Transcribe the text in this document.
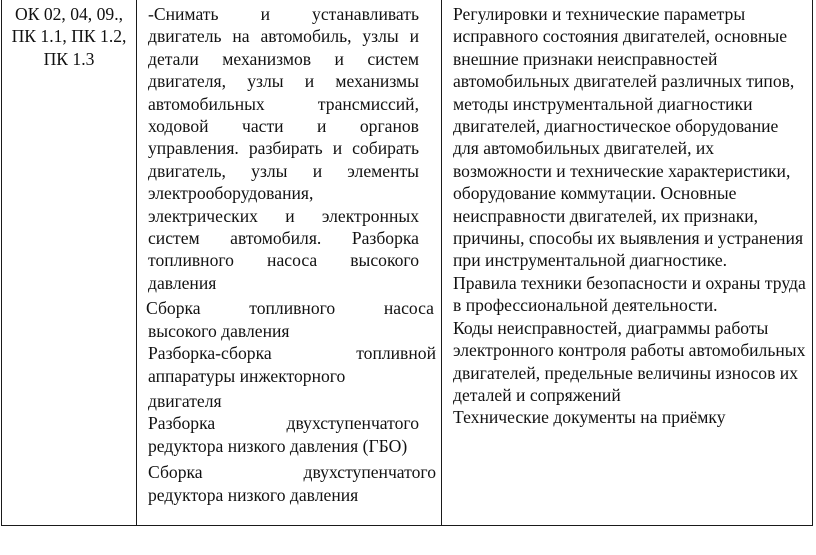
ОК 02, 04, 09., ПК 1.1, ПК 1.2, ПК 1.3

-Снимать и устанавливать двигатель на автомобиль, узлы и детали механизмов и систем двигателя, узлы и механизмы автомобильных трансмиссий, ходовой части и органов управления. разбирать и собирать двигатель, узлы и элементы электрооборудования, электрических и электронных систем автомобиля. Разборка топливного насоса высокого давления

Сборка топливного насоса

высокого давления

Разборка-сборка топливной

аппаратуры инжекторного

двигателя

Разборка двухступенчатого редуктора низкого давления (ГБО)

Сборка двухступенчатого

редуктора низкого давления

Регулировки и технические параметры исправного состояния двигателей, основные внешние признаки неисправностей автомобильных двигателей различных типов, методы инструментальной диагностики двигателей, диагностическое оборудование для автомобильных двигателей, их возможности и технические характеристики, оборудование коммутации. Основные неисправности двигателей, их признаки, причины, способы их выявления и устранения при инструментальной диагностике.

Правила техники безопасности и охраны труда в профессиональной деятельности.

Коды неисправностей, диаграммы работы электронного контроля работы автомобильных двигателей, предельные величины износов их деталей и сопряжений

Технические документы на приёмку
